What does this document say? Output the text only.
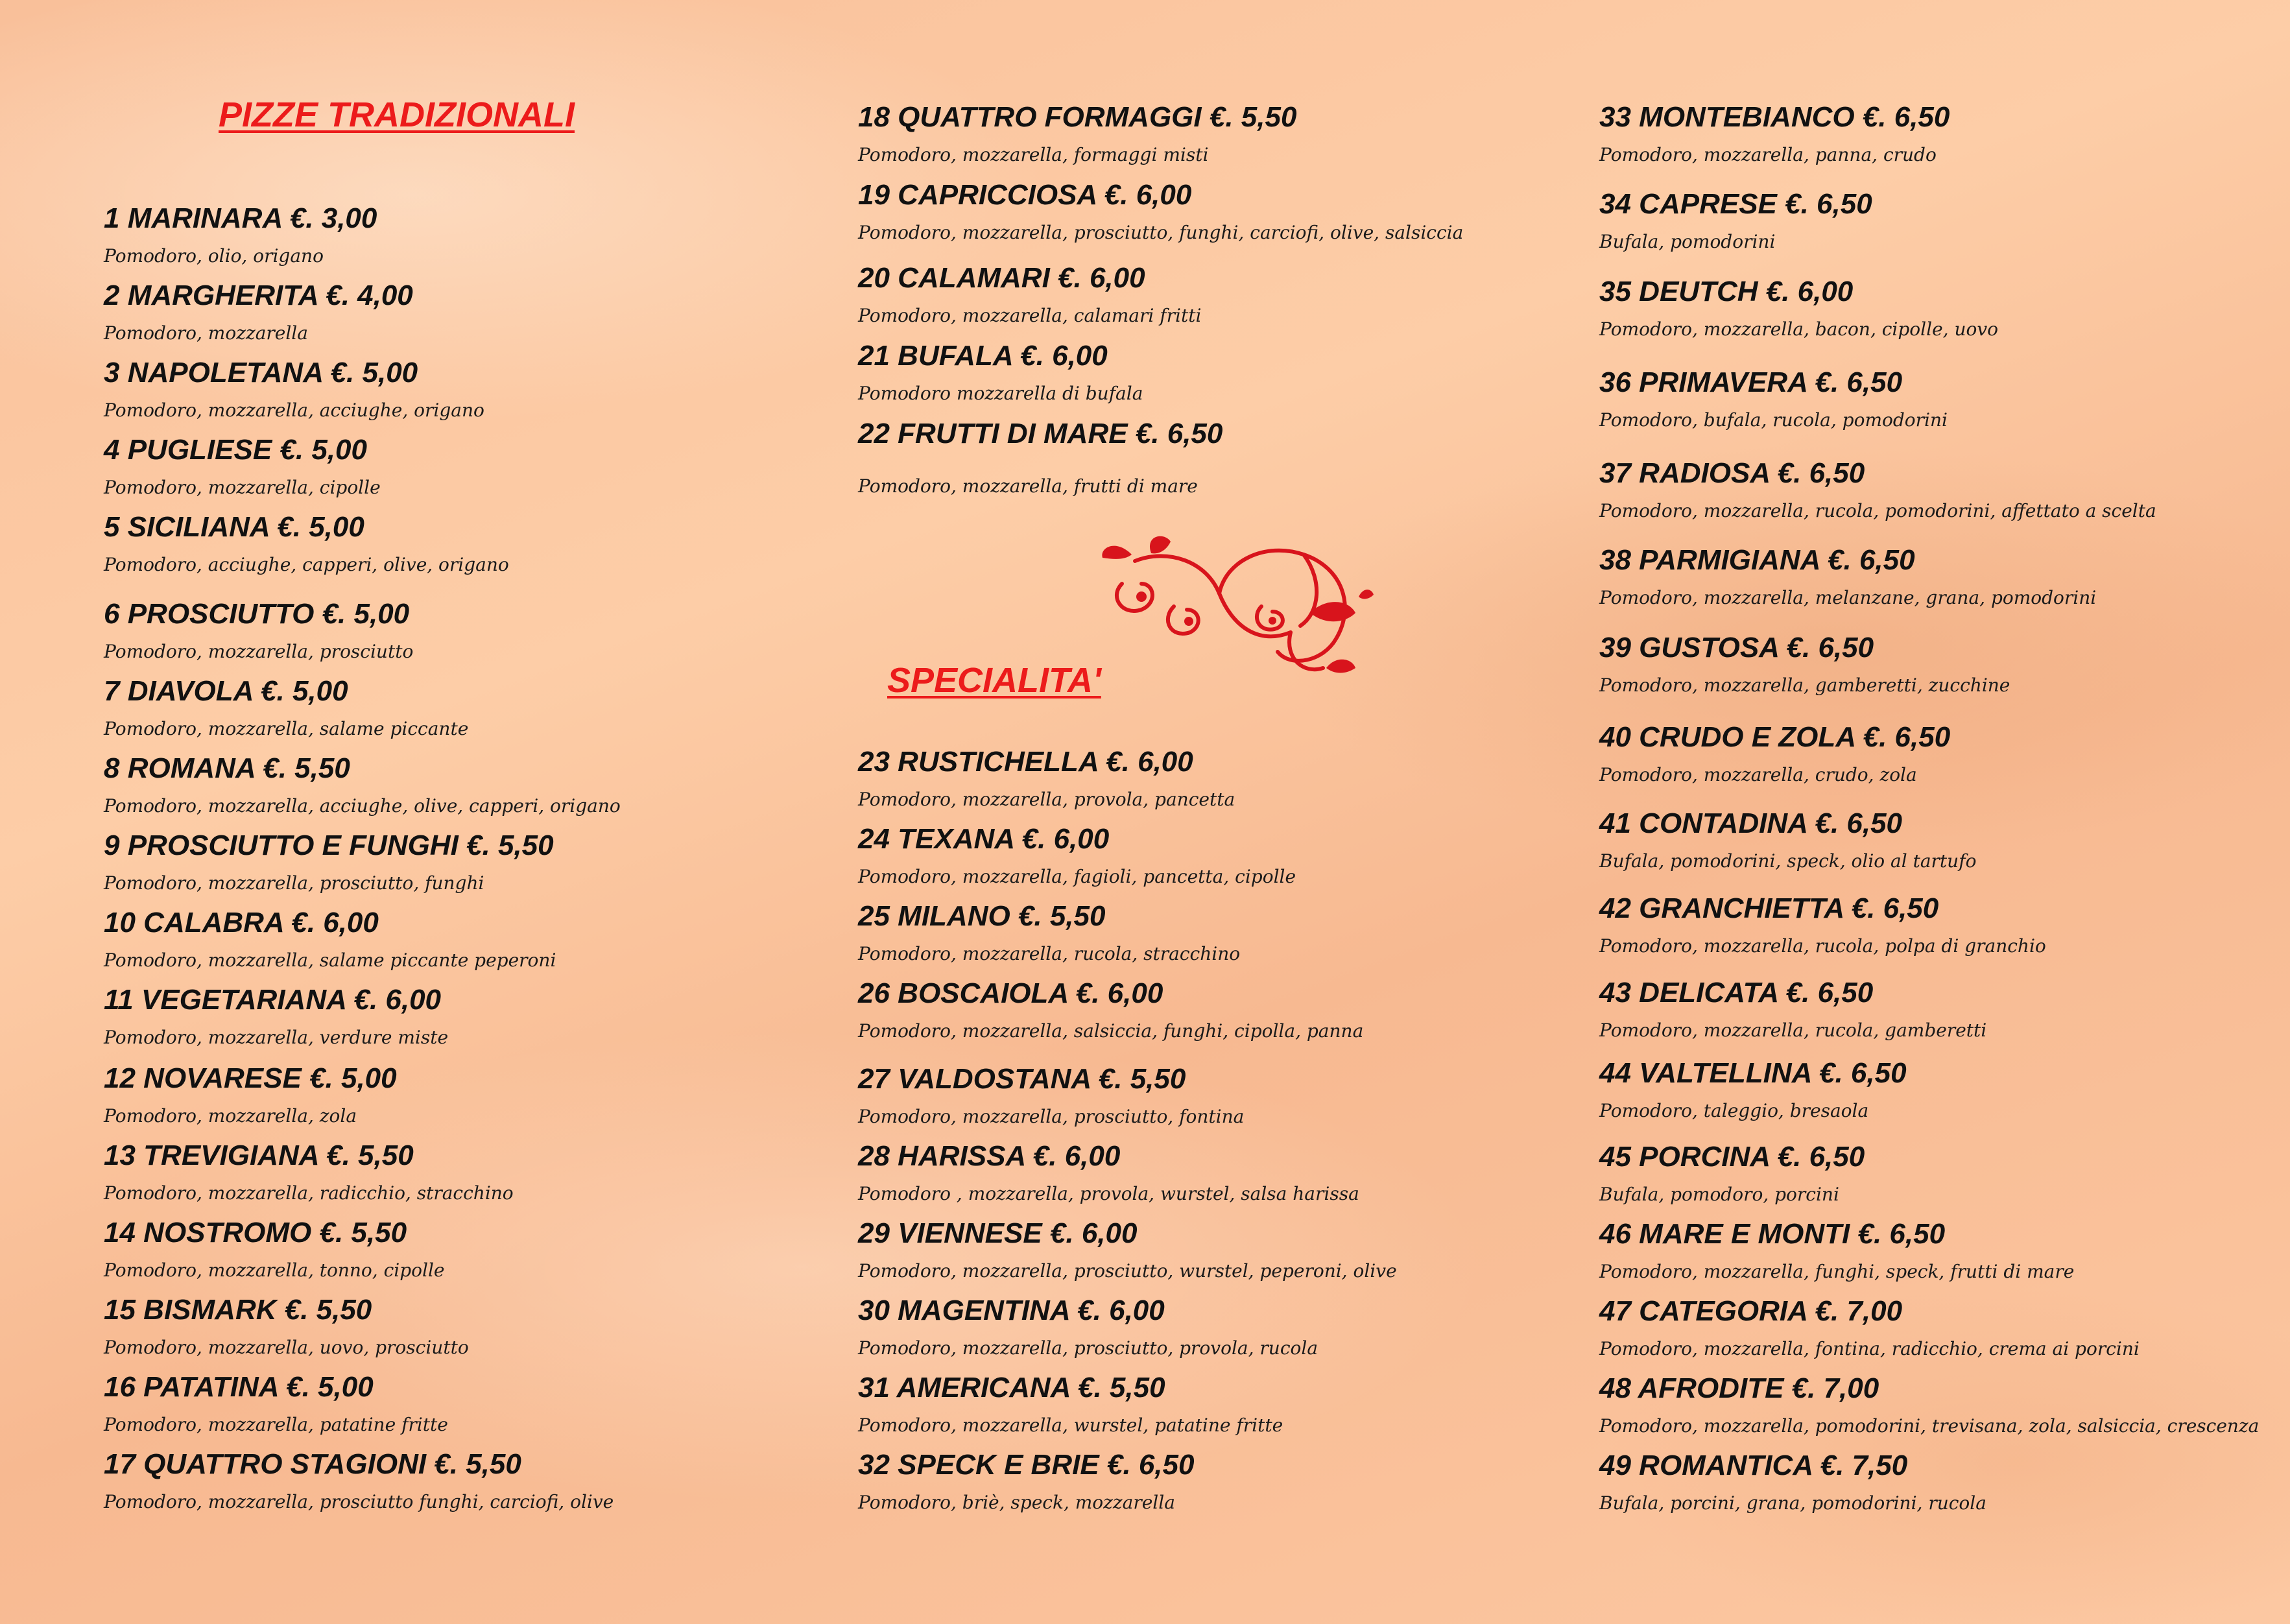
PIZZE TRADIZIONALI
1 MARINARA €. 3,00
Pomodoro, olio, origano
2 MARGHERITA €. 4,00
Pomodoro, mozzarella
3 NAPOLETANA €. 5,00
Pomodoro, mozzarella, acciughe, origano
4 PUGLIESE €. 5,00
Pomodoro, mozzarella, cipolle
5 SICILIANA €. 5,00
Pomodoro, acciughe, capperi, olive, origano
6 PROSCIUTTO €. 5,00
Pomodoro, mozzarella, prosciutto
7 DIAVOLA €. 5,00
Pomodoro, mozzarella, salame piccante
8 ROMANA €. 5,50
Pomodoro, mozzarella, acciughe, olive, capperi, origano
9 PROSCIUTTO E FUNGHI €. 5,50
Pomodoro, mozzarella, prosciutto, funghi
10 CALABRA €. 6,00
Pomodoro, mozzarella, salame piccante peperoni
11 VEGETARIANA €. 6,00
Pomodoro, mozzarella, verdure miste
12 NOVARESE €. 5,00
Pomodoro, mozzarella, zola
13 TREVIGIANA €. 5,50
Pomodoro, mozzarella, radicchio, stracchino
14 NOSTROMO €. 5,50
Pomodoro, mozzarella, tonno, cipolle
15 BISMARK €. 5,50
Pomodoro, mozzarella, uovo, prosciutto
16 PATATINA €. 5,00
Pomodoro, mozzarella, patatine fritte
17 QUATTRO STAGIONI €. 5,50
Pomodoro, mozzarella, prosciutto funghi, carciofi, olive
18 QUATTRO FORMAGGI €. 5,50
Pomodoro, mozzarella, formaggi misti
19 CAPRICCIOSA €. 6,00
Pomodoro, mozzarella, prosciutto, funghi, carciofi, olive, salsiccia
20 CALAMARI €. 6,00
Pomodoro, mozzarella, calamari fritti
21 BUFALA €. 6,00
Pomodoro mozzarella di bufala
22 FRUTTI DI MARE €. 6,50
Pomodoro, mozzarella, frutti di mare
SPECIALITA'
23 RUSTICHELLA €. 6,00
Pomodoro, mozzarella, provola, pancetta
24 TEXANA €. 6,00
Pomodoro, mozzarella, fagioli, pancetta, cipolle
25 MILANO €. 5,50
Pomodoro, mozzarella, rucola, stracchino
26 BOSCAIOLA €. 6,00
Pomodoro, mozzarella, salsiccia, funghi, cipolla, panna
27 VALDOSTANA €. 5,50
Pomodoro, mozzarella, prosciutto, fontina
28 HARISSA €. 6,00
Pomodoro , mozzarella, provola, wurstel, salsa harissa
29 VIENNESE €. 6,00
Pomodoro, mozzarella, prosciutto, wurstel, peperoni, olive
30 MAGENTINA €. 6,00
Pomodoro, mozzarella, prosciutto, provola, rucola
31 AMERICANA €. 5,50
Pomodoro, mozzarella, wurstel, patatine fritte
32 SPECK E BRIE €. 6,50
Pomodoro, briè, speck, mozzarella
33 MONTEBIANCO €. 6,50
Pomodoro, mozzarella, panna, crudo
34 CAPRESE €. 6,50
Bufala, pomodorini
35 DEUTCH €. 6,00
Pomodoro, mozzarella, bacon, cipolle, uovo
36 PRIMAVERA €. 6,50
Pomodoro, bufala, rucola, pomodorini
37 RADIOSA €. 6,50
Pomodoro, mozzarella, rucola, pomodorini, affettato a scelta
38 PARMIGIANA €. 6,50
Pomodoro, mozzarella, melanzane, grana, pomodorini
39 GUSTOSA €. 6,50
Pomodoro, mozzarella, gamberetti, zucchine
40 CRUDO E ZOLA €. 6,50
Pomodoro, mozzarella, crudo, zola
41 CONTADINA €. 6,50
Bufala, pomodorini, speck, olio al tartufo
42 GRANCHIETTA €. 6,50
Pomodoro, mozzarella, rucola, polpa di granchio
43 DELICATA €. 6,50
Pomodoro, mozzarella, rucola, gamberetti
44 VALTELLINA €. 6,50
Pomodoro, taleggio, bresaola
45 PORCINA €. 6,50
Bufala, pomodoro, porcini
46 MARE E MONTI €. 6,50
Pomodoro, mozzarella, funghi, speck, frutti di mare
47 CATEGORIA €. 7,00
Pomodoro, mozzarella, fontina, radicchio, crema ai porcini
48 AFRODITE €. 7,00
Pomodoro, mozzarella, pomodorini, trevisana, zola, salsiccia, crescenza
49 ROMANTICA €. 7,50
Bufala, porcini, grana, pomodorini, rucola
